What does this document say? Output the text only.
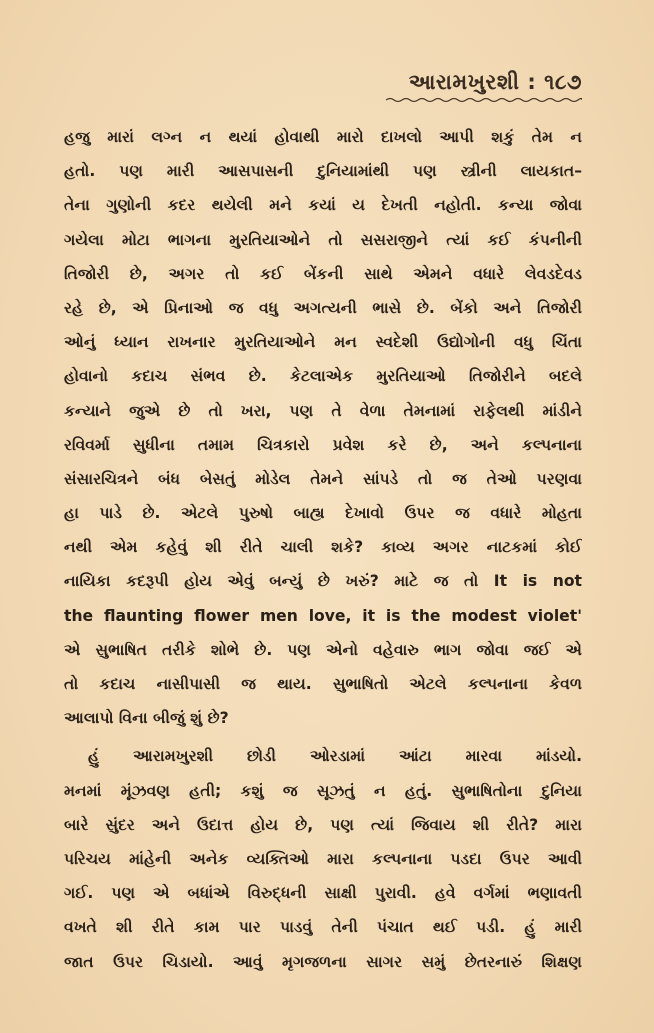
આરામખુરશી : ૧૮૭
હજુ મારાં લગ્ન ન થયાં હોવાથી મારો દાખલો આપી શકું તેમ ન
હતો. પણ મારી આસપાસની દુનિયામાંથી પણ સ્ત્રીની લાયકાત–
તેના ગુણોની કદર થયેલી મને કયાં ય દેખતી નહોતી. કન્યા જોવા
ગયેલા મોટા ભાગના મુરતિયાઓને તો સસરાજીને ત્યાં કઈ કંપનીની
તિજોરી છે, અગર તો કઈ બેંકની સાથે એમને વધારે લેવડદેવડ
રહે છે, એ પ્રિનાઓ જ વધુ અગત્યની ભાસે છે. બેંકો અને તિજોરી
ઓનું ધ્યાન રાખનાર મુરતિયાઓને મન સ્વદેશી ઉદ્યોગોની વધુ ચિંતા
હોવાનો કદાચ સંભવ છે. કેટલાએક મુરતિયાઓ તિજોરીને બદલે
કન્યાને જુએ છે તો ખરા, પણ તે વેળા તેમનામાં રાફેલથી માંડીને
રવિવર્મા સુધીના તમામ ચિત્રકારો પ્રવેશ કરે છે, અને કલ્પનાના
સંસારચિત્રને બંધ બેસતું મોડેલ તેમને સાંપડે તો જ તેઓ પરણવા
હા પાડે છે. એટલે પુરુષો બાહ્ય દેખાવો ઉપર જ વધારે મોહતા
નથી એમ કહેવું શી રીતે ચાલી શકે? કાવ્ય અગર નાટકમાં કોઈ
નાયિકા કદરૂપી હોય એવું બન્યું છે ખરું? માટે જ તો It is not
the flaunting flower men love, it is the modest violet'
એ સુભાષિત તરીકે શોભે છે. પણ એનો વહેવારુ ભાગ જોવા જઈ એ
તો કદાચ નાસીપાસી જ થાય. સુભાષિતો એટલે કલ્પનાના કેવળ
આલાપો વિના બીજું શું છે?
હું આરામખુરશી છોડી ઓરડામાં આંટા મારવા માંડયો.
મનમાં મૂંઝવણ હતી; કશું જ સૂઝતું ન હતું. સુભાષિતોના દુનિયા
બારે સુંદર અને ઉદાત્ત હોય છે, પણ ત્યાં જિવાય શી રીતે? મારા
પરિચય માંહેની અનેક વ્યક્તિઓ મારા કલ્પનાના પડદા ઉપર આવી
ગઈ. પણ એ બધાંએ વિરુદ્ધની સાક્ષી પુરાવી. હવે વર્ગમાં ભણાવતી
વખતે શી રીતે કામ પાર પાડવું તેની પંચાત થઈ પડી. હું મારી
જાત ઉપર ચિડાયો. આવું મૃગજળના સાગર સમું છેતરનારું શિક્ષણ
